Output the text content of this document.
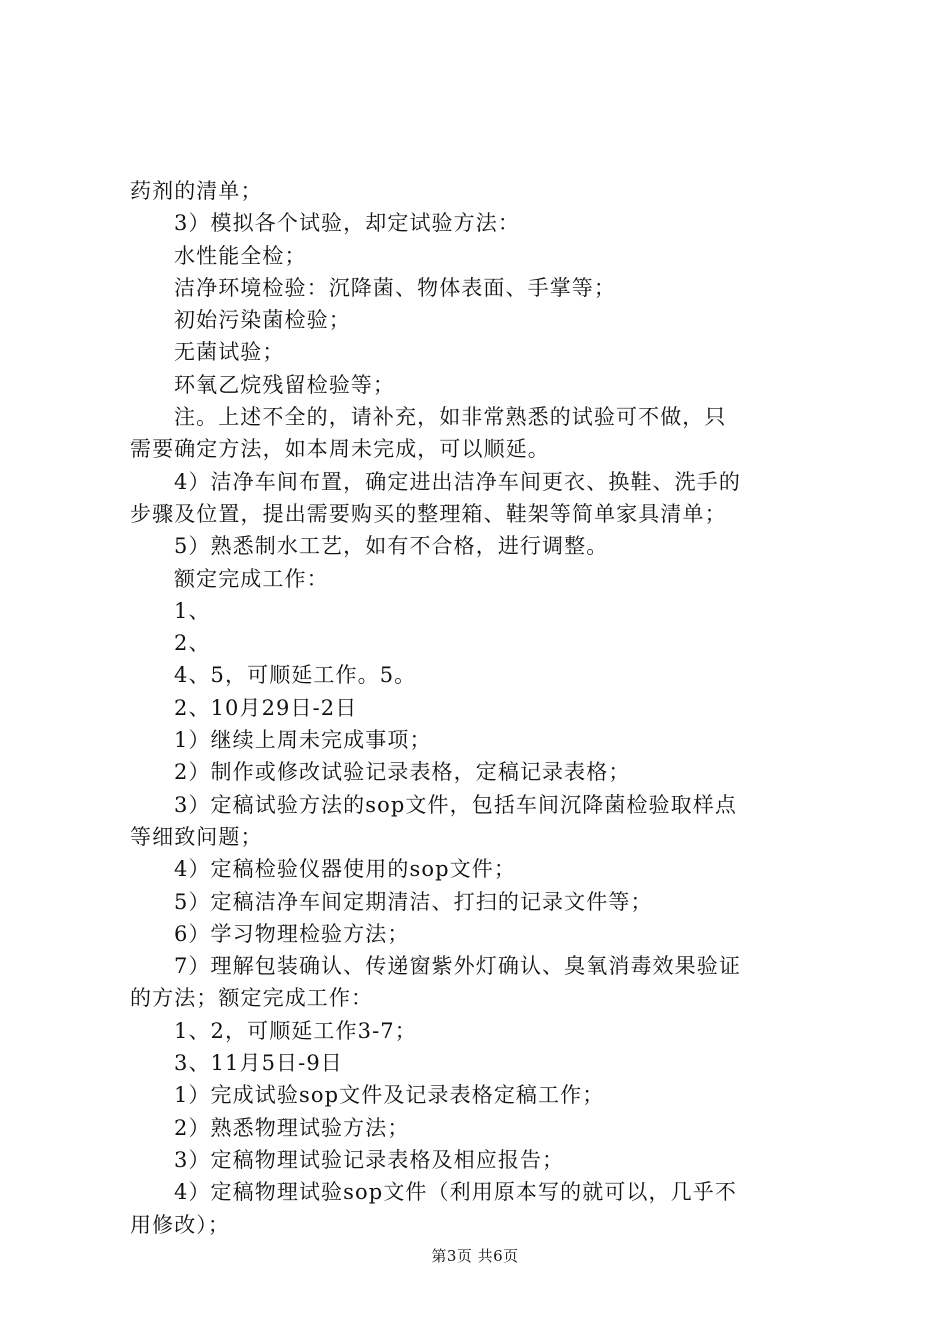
药剂的清单；
3）模拟各个试验，却定试验方法：
水性能全检；
洁净环境检验：沉降菌、物体表面、手掌等；
初始污染菌检验；
无菌试验；
环氧乙烷残留检验等；
注。上述不全的，请补充，如非常熟悉的试验可不做，只
需要确定方法，如本周未完成，可以顺延。
4）洁净车间布置，确定进出洁净车间更衣、换鞋、洗手的
步骤及位置，提出需要购买的整理箱、鞋架等简单家具清单；
5）熟悉制水工艺，如有不合格，进行调整。
额定完成工作：
1、
2、
4、5，可顺延工作。5。
2、10月29日-2日
1）继续上周未完成事项；
2）制作或修改试验记录表格，定稿记录表格；
3）定稿试验方法的sop文件，包括车间沉降菌检验取样点
等细致问题；
4）定稿检验仪器使用的sop文件；
5）定稿洁净车间定期清洁、打扫的记录文件等；
6）学习物理检验方法；
7）理解包装确认、传递窗紫外灯确认、臭氧消毒效果验证
的方法；额定完成工作：
1、2，可顺延工作3-7；
3、11月5日-9日
1）完成试验sop文件及记录表格定稿工作；
2）熟悉物理试验方法；
3）定稿物理试验记录表格及相应报告；
4）定稿物理试验sop文件（利用原本写的就可以，几乎不
用修改）；
第3页 共6页
